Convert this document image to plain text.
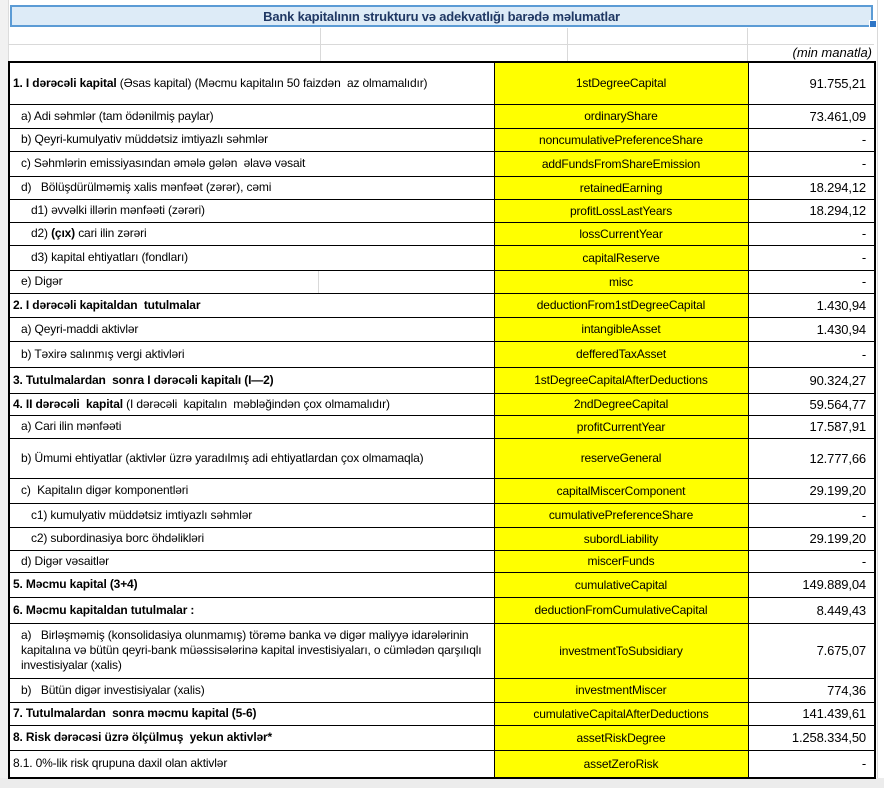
Bank kapitalının strukturu və adekvatlığı barədə məlumatlar
(min manatla)
1. I dərəcəli kapital (Əsas kapital) (Məcmu kapitalın 50 faizdən  az olmamalıdır)	1stDegreeCapital	91.755,21
a) Adi səhmlər (tam ödənilmiş paylar)	ordinaryShare	73.461,09
b) Qeyri-kumulyativ müddətsiz imtiyazlı səhmlər	noncumulativePreferenceShare	-
c) Səhmlərin emissiyasından əmələ gələn  əlavə vəsait	addFundsFromShareEmission	-
d)   Bölüşdürülməmiş xalis mənfəət (zərər), cəmi	retainedEarning	18.294,12
d1) əvvəlki illərin mənfəəti (zərəri)	profitLossLastYears	18.294,12
d2) (çıx) cari ilin zərəri	lossCurrentYear	-
d3) kapital ehtiyatları (fondları)	capitalReserve	-
e) Digər	misc	-
2. I dərəcəli kapitaldan  tutulmalar	deductionFrom1stDegreeCapital	1.430,94
a) Qeyri-maddi aktivlər	intangibleAsset	1.430,94
b) Təxirə salınmış vergi aktivləri	defferedTaxAsset	-
3. Tutulmalardan  sonra I dərəcəli kapitalı (I—2)	1stDegreeCapitalAfterDeductions	90.324,27
4. II dərəcəli  kapital (I dərəcəli  kapitalın  məbləğindən çox olmamalıdır)	2ndDegreeCapital	59.564,77
a) Cari ilin mənfəəti	profitCurrentYear	17.587,91
b) Ümumi ehtiyatlar (aktivlər üzrə yaradılmış adi ehtiyatlardan çox olmamaqla)	reserveGeneral	12.777,66
c)  Kapitalın digər komponentləri	capitalMiscerComponent	29.199,20
c1) kumulyativ müddətsiz imtiyazlı səhmlər	cumulativePreferenceShare	-
c2) subordinasiya borc öhdəlikləri	subordLiability	29.199,20
d) Digər vəsaitlər	miscerFunds	-
5. Məcmu kapital (3+4)	cumulativeCapital	149.889,04
6. Məcmu kapitaldan tutulmalar :	deductionFromCumulativeCapital	8.449,43
a)   Birləşməmiş (konsolidasiya olunmamış) törəmə banka və digər maliyyə idarələrinin kapitalına və bütün qeyri-bank müəssisələrinə kapital investisiyaları, o cümlədən qarşılıqlı investisiyalar (xalis)	investmentToSubsidiary	7.675,07
b)   Bütün digər investisiyalar (xalis)	investmentMiscer	774,36
7. Tutulmalardan  sonra məcmu kapital (5-6)	cumulativeCapitalAfterDeductions	141.439,61
8. Risk dərəcəsi üzrə ölçülmuş  yekun aktivlər*	assetRiskDegree	1.258.334,50
8.1. 0%-lik risk qrupuna daxil olan aktivlər	assetZeroRisk	-
